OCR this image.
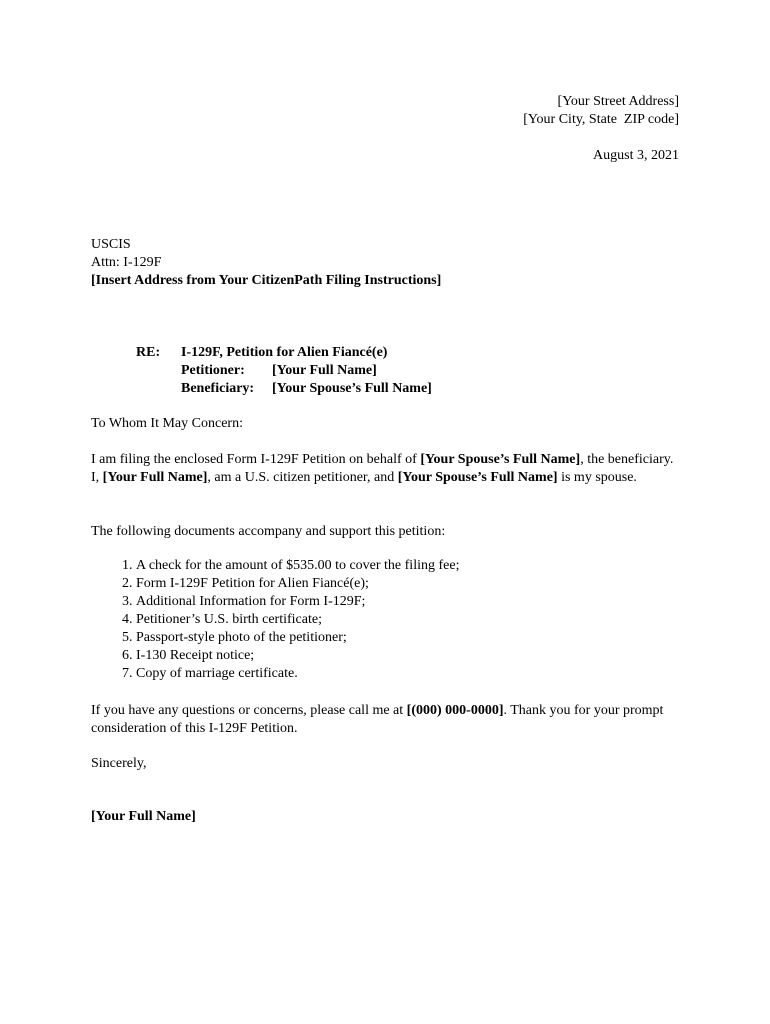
[Your Street Address]
[Your City, State  ZIP code]
August 3, 2021
USCIS
Attn: I-129F
[Insert Address from Your CitizenPath Filing Instructions]
RE:	I-129F, Petition for Alien Fiancé(e)
Petitioner:	[Your Full Name]
Beneficiary:	[Your Spouse’s Full Name]
To Whom It May Concern:
I am filing the enclosed Form I-129F Petition on behalf of [Your Spouse’s Full Name], the beneficiary. I, [Your Full Name], am a U.S. citizen petitioner, and [Your Spouse’s Full Name] is my spouse.
The following documents accompany and support this petition:
1. A check for the amount of $535.00 to cover the filing fee;
2. Form I-129F Petition for Alien Fiancé(e);
3. Additional Information for Form I-129F;
4. Petitioner’s U.S. birth certificate;
5. Passport-style photo of the petitioner;
6. I-130 Receipt notice;
7. Copy of marriage certificate.
If you have any questions or concerns, please call me at [(000) 000-0000]. Thank you for your prompt consideration of this I-129F Petition.
Sincerely,
[Your Full Name]
